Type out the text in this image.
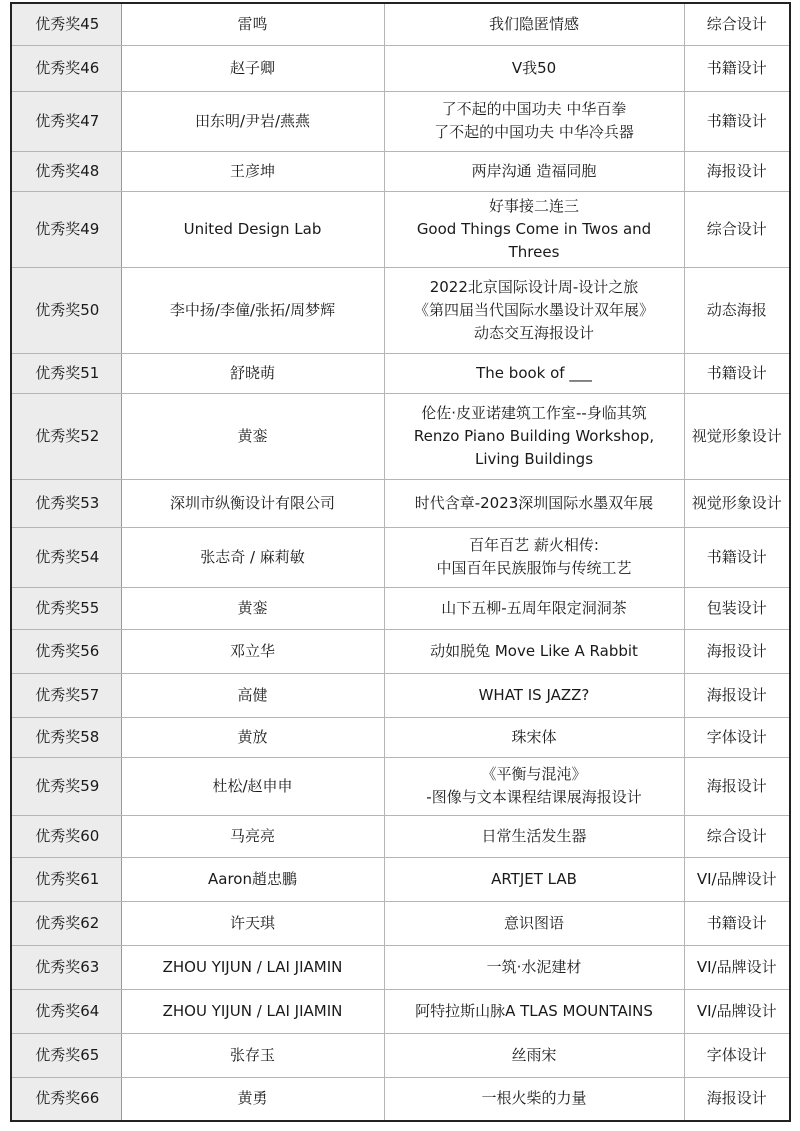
优秀奖45	雷鸣	我们隐匿情感	综合设计
优秀奖46	赵子卿	V我50	书籍设计
优秀奖47	田东明/尹岩/燕燕	了不起的中国功夫 中华百拳
了不起的中国功夫 中华冷兵器	书籍设计
优秀奖48	王彦坤	两岸沟通 造福同胞	海报设计
优秀奖49	United Design Lab	好事接二连三
Good Things Come in Twos and
Threes	综合设计
优秀奖50	李中扬/李僮/张拓/周梦辉	2022北京国际设计周-设计之旅
《第四届当代国际水墨设计双年展》
动态交互海报设计	动态海报
优秀奖51	舒晓萌	The book of ___	书籍设计
优秀奖52	黄銮	伦佐·皮亚诺建筑工作室--身临其筑
Renzo Piano Building Workshop,
Living Buildings	视觉形象设计
优秀奖53	深圳市纵衡设计有限公司	时代含章-2023深圳国际水墨双年展	视觉形象设计
优秀奖54	张志奇 / 麻莉敏	百年百艺 薪火相传:
中国百年民族服饰与传统工艺	书籍设计
优秀奖55	黄銮	山下五柳-五周年限定洞洞茶	包装设计
优秀奖56	邓立华	动如脱兔 Move Like A Rabbit	海报设计
优秀奖57	高健	WHAT IS JAZZ?	海报设计
优秀奖58	黄放	珠宋体	字体设计
优秀奖59	杜松/赵申申	《平衡与混沌》
-图像与文本课程结课展海报设计	海报设计
优秀奖60	马亮亮	日常生活发生器	综合设计
优秀奖61	Aaron趙忠鵬	ARTJET LAB	VI/品牌设计
优秀奖62	许天琪	意识图语	书籍设计
优秀奖63	ZHOU YIJUN / LAI JIAMIN	一筑·水泥建材	VI/品牌设计
优秀奖64	ZHOU YIJUN / LAI JIAMIN	阿特拉斯山脉A TLAS MOUNTAINS	VI/品牌设计
优秀奖65	张存玉	丝雨宋	字体设计
优秀奖66	黄勇	一根火柴的力量	海报设计
